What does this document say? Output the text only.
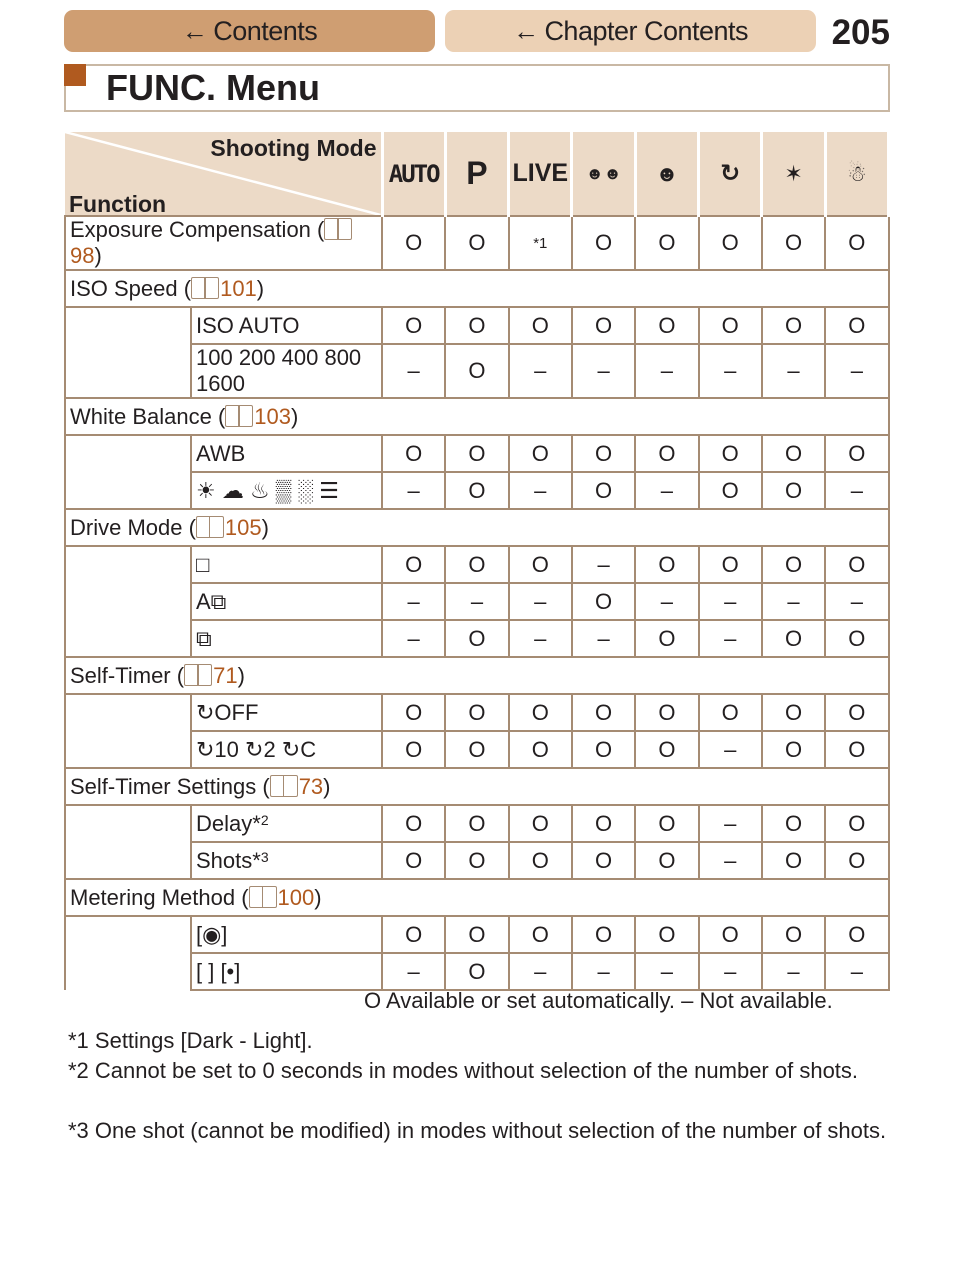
← Contents	← Chapter Contents 205
FUNC. Menu
Shooting Mode
Function		AUTO	P	LIVE	☻☻	☻	↻	✶	☃
Exposure Compensation (98)		O	O	*1	O	O	O	O	O
ISO Speed ( 101)									
	ISO AUTO	O	O	O	O	O	O	O	O
	100 200 400 800 1600	–	O	–	–	–	–	–	–
White Balance ( 103)									
	AWB	O	O	O	O	O	O	O	O
	☀ ☁ ♨ ▒ ░ ☰	–	O	–	O	–	O	O	–
Drive Mode ( 105)									
	□	O	O	O	–	O	O	O	O
	A⧉	–	–	–	O	–	–	–	–
	⧉	–	O	–	–	O	–	O	O
Self-Timer ( 71)									
	↻OFF	O	O	O	O	O	O	O	O
	↻10 ↻2 ↻C	O	O	O	O	O	–	O	O
Self-Timer Settings ( 73)									
	Delay*$^2$	O	O	O	O	O	–	O	O
	Shots*$^3$	O	O	O	O	O	–	O	O
Metering Method ( 100)									
	[◉]	O	O	O	O	O	O	O	O
	[ ] [•]	–	O	–	–	–	–	–	–
O Available or set automatically. – Not available.
*1 Settings [Dark - Light].
*2 Cannot be set to 0 seconds in modes without selection of the number of shots.
*3 One shot (cannot be modified) in modes without selection of the number of shots.
